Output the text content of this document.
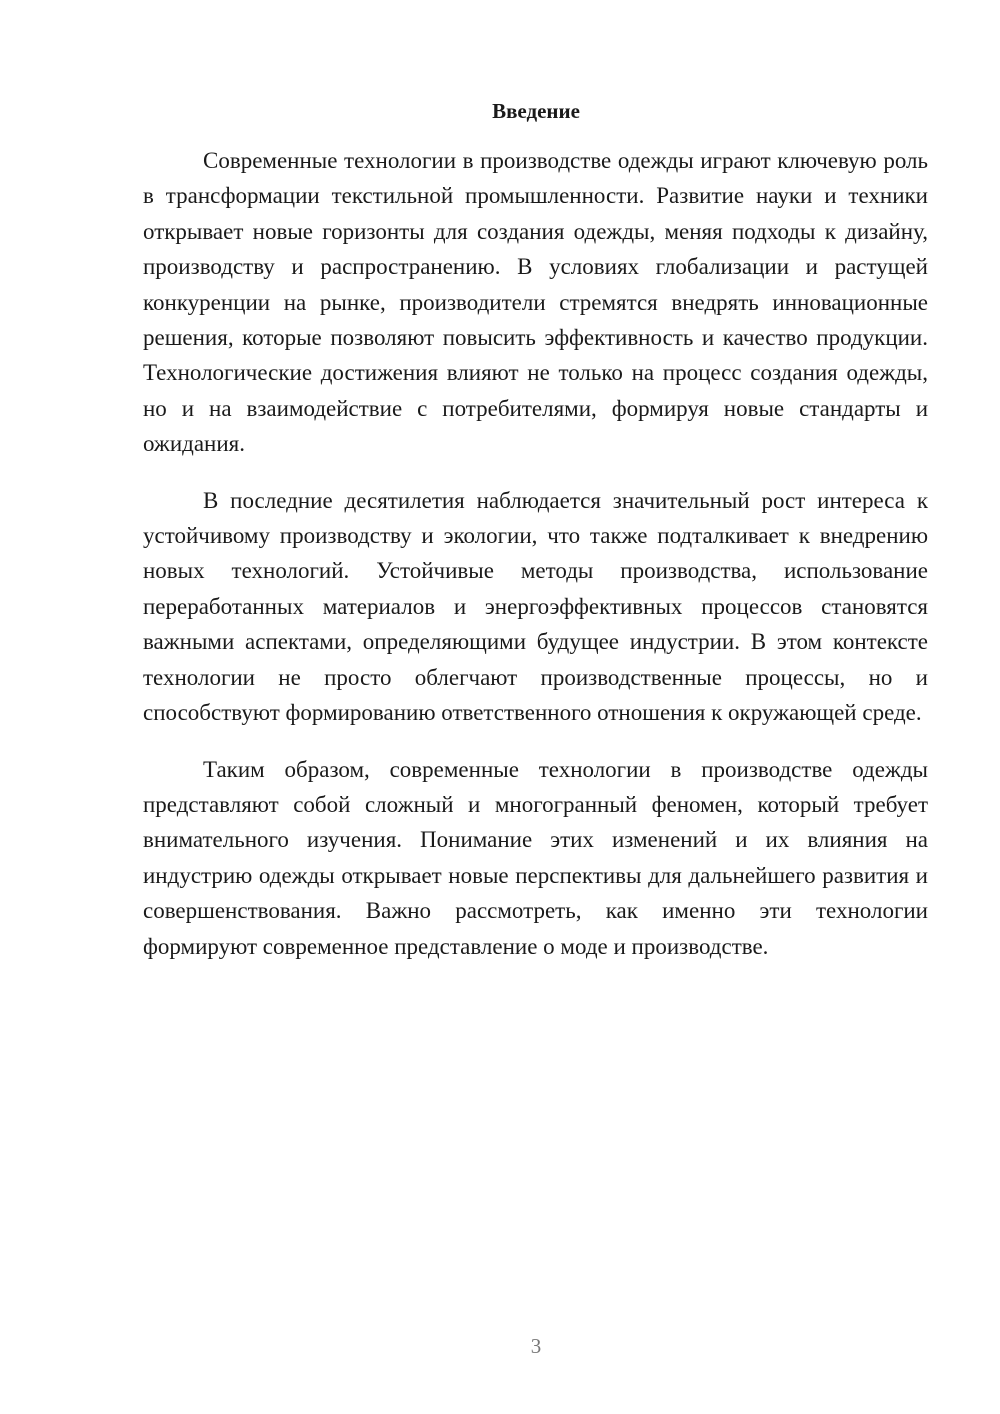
Введение

Современные технологии в производстве одежды играют ключевую роль в трансформации текстильной промышленности. Развитие науки и техники открывает новые горизонты для создания одежды, меняя подходы к дизайну, производству и распространению. В условиях глобализации и растущей конкуренции на рынке, производители стремятся внедрять инновационные решения, которые позволяют повысить эффективность и качество продукции. Технологические достижения влияют не только на процесс создания одежды, но и на взаимодействие с потребителями, формируя новые стандарты и ожидания.

В последние десятилетия наблюдается значительный рост интереса к устойчивому производству и экологии, что также подталкивает к внедрению новых технологий. Устойчивые методы производства, использование переработанных материалов и энергоэффективных процессов становятся важными аспектами, определяющими будущее индустрии. В этом контексте технологии не просто облегчают производственные процессы, но и способствуют формированию ответственного отношения к окружающей среде.

Таким образом, современные технологии в производстве одежды представляют собой сложный и многогранный феномен, который требует внимательного изучения. Понимание этих изменений и их влияния на индустрию одежды открывает новые перспективы для дальнейшего развития и совершенствования. Важно рассмотреть, как именно эти технологии формируют современное представление о моде и производстве.

3
